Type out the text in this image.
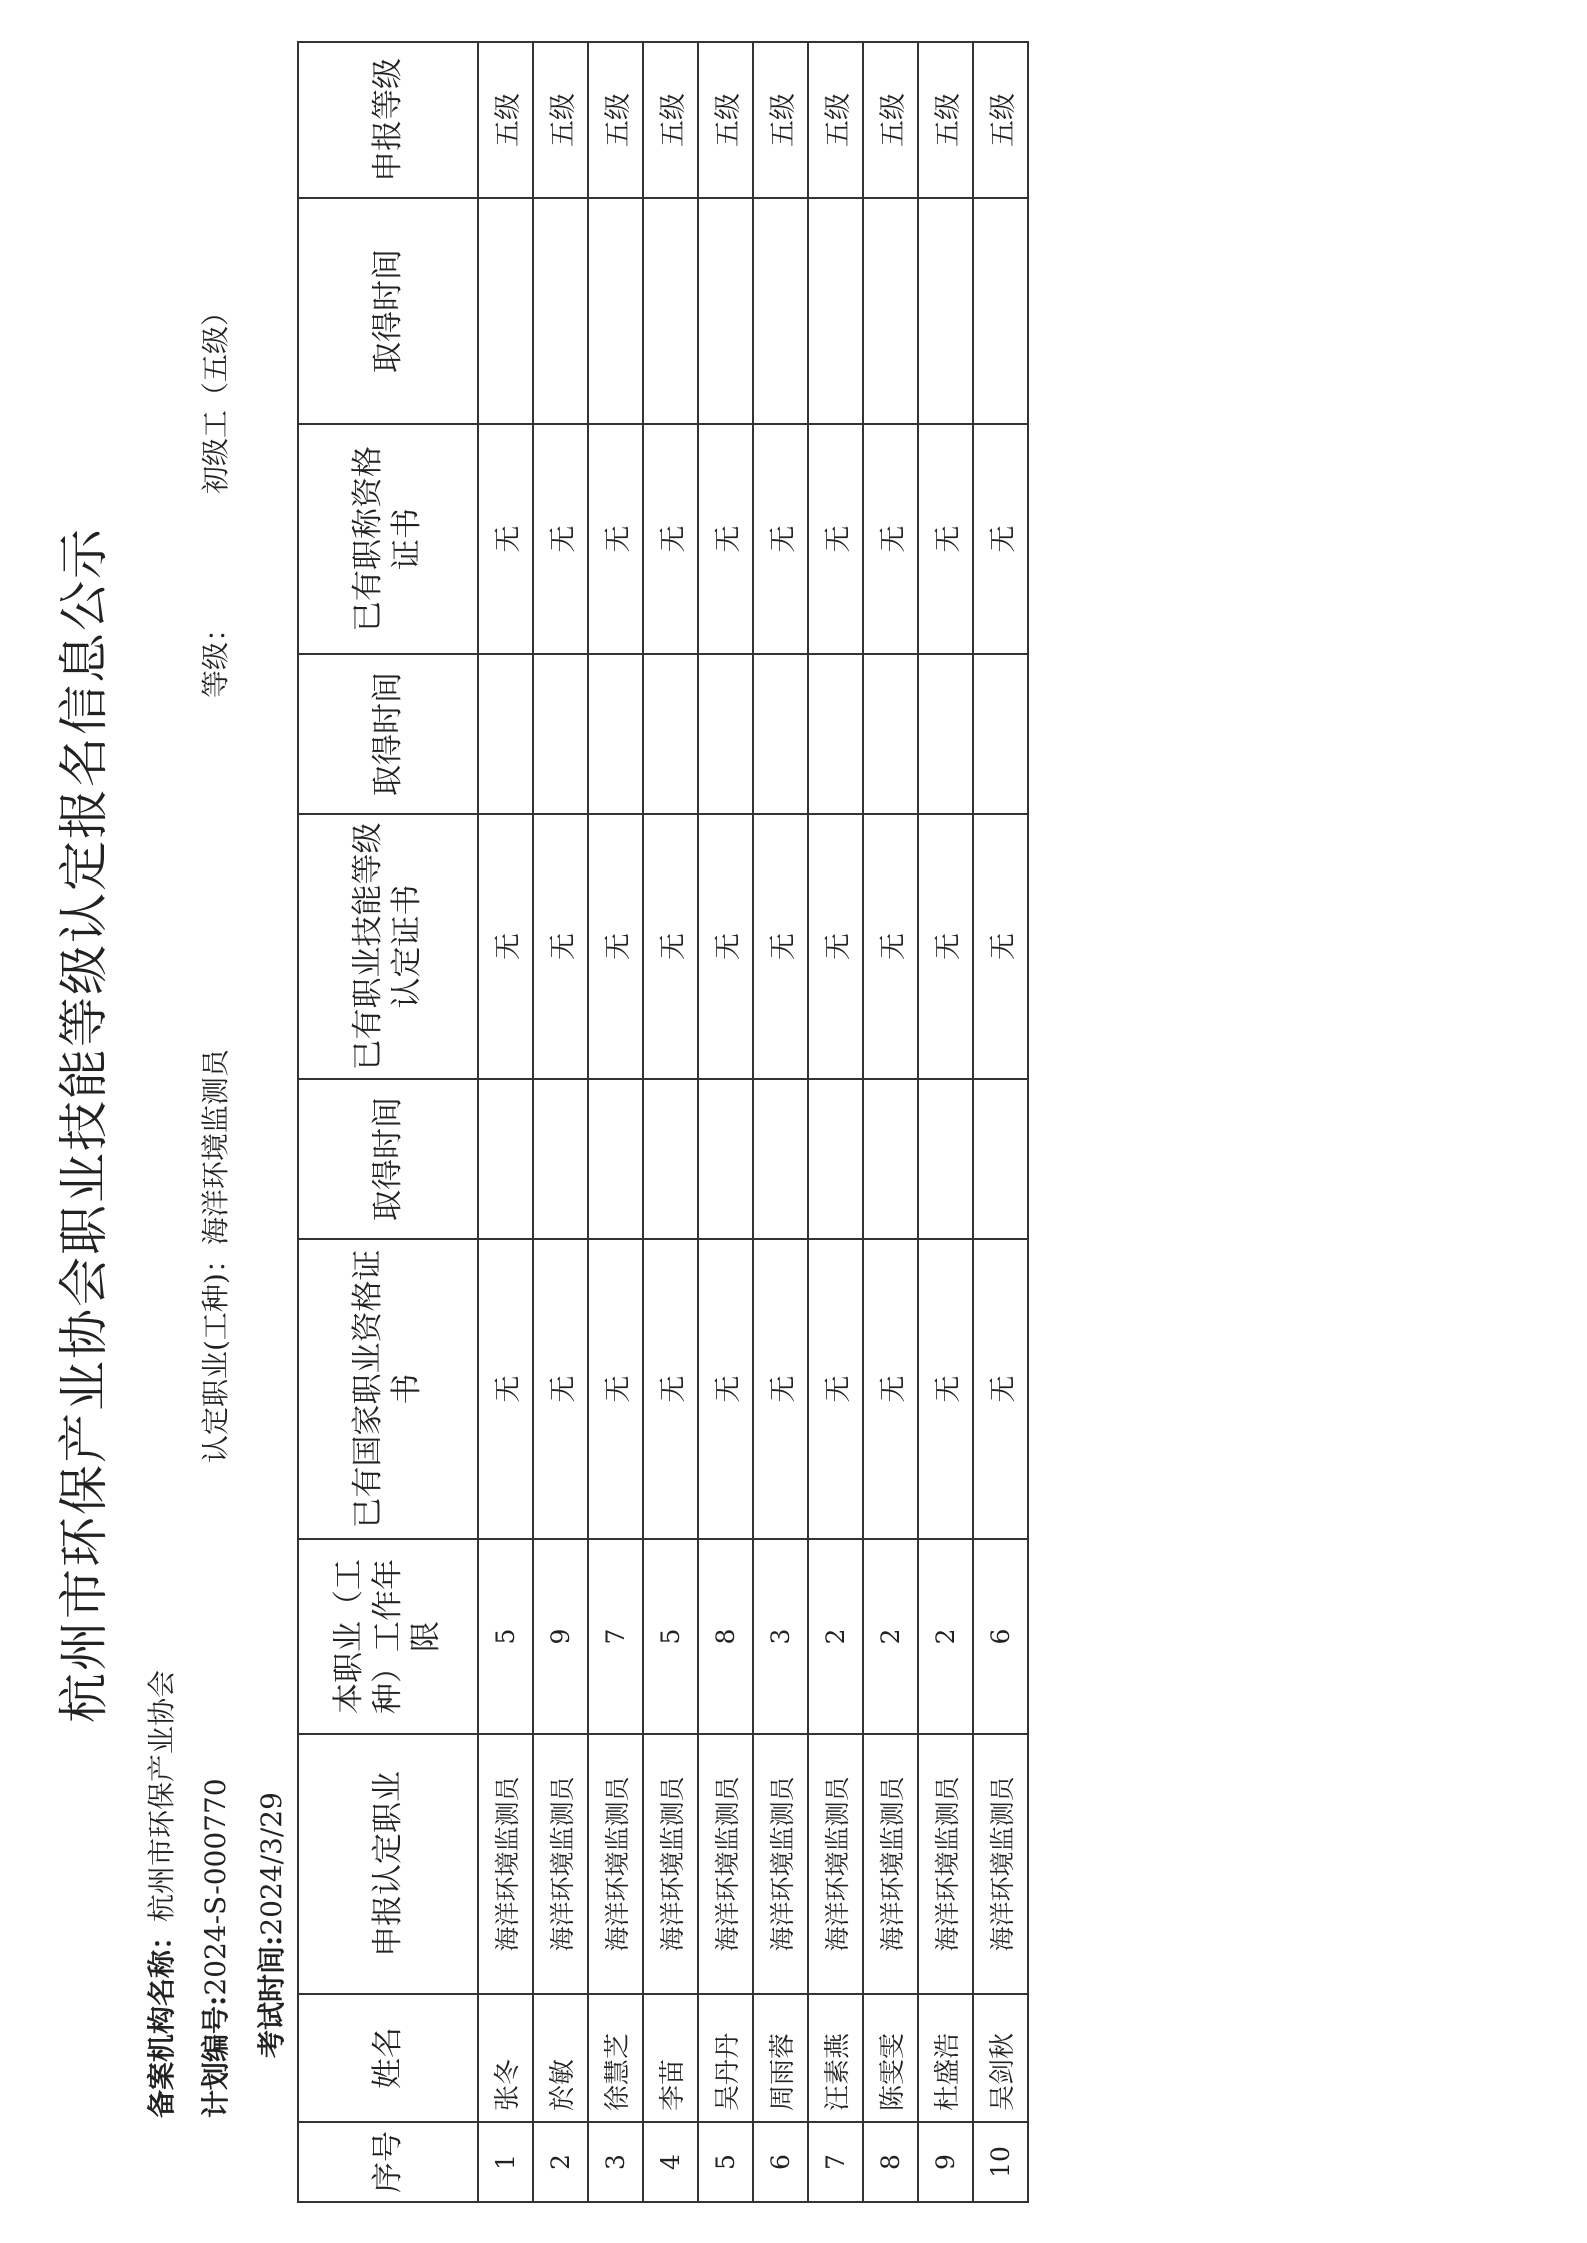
杭州市环保产业协会职业技能等级认定报名信息公示
备案机构名称：杭州市环保产业协会
计划编号:2024-S-000770
考试时间:2024/3/29
认定职业(工种)：海洋环境监测员
等级：初级工（五级）
序号	姓名	申报认定职业	本职业（工种）工作年限	已有国家职业资格证书	取得时间	已有职业技能等级认定证书	取得时间	已有职称资格证书	取得时间	申报等级
1	张冬	海洋环境监测员	5	无		无		无		五级
2	於敏	海洋环境监测员	9	无		无		无		五级
3	徐慧芝	海洋环境监测员	7	无		无		无		五级
4	李苗	海洋环境监测员	5	无		无		无		五级
5	吴丹丹	海洋环境监测员	8	无		无		无		五级
6	周雨蓉	海洋环境监测员	3	无		无		无		五级
7	汪素燕	海洋环境监测员	2	无		无		无		五级
8	陈雯雯	海洋环境监测员	2	无		无		无		五级
9	杜盛浩	海洋环境监测员	2	无		无		无		五级
10	吴剑秋	海洋环境监测员	6	无		无		无		五级
